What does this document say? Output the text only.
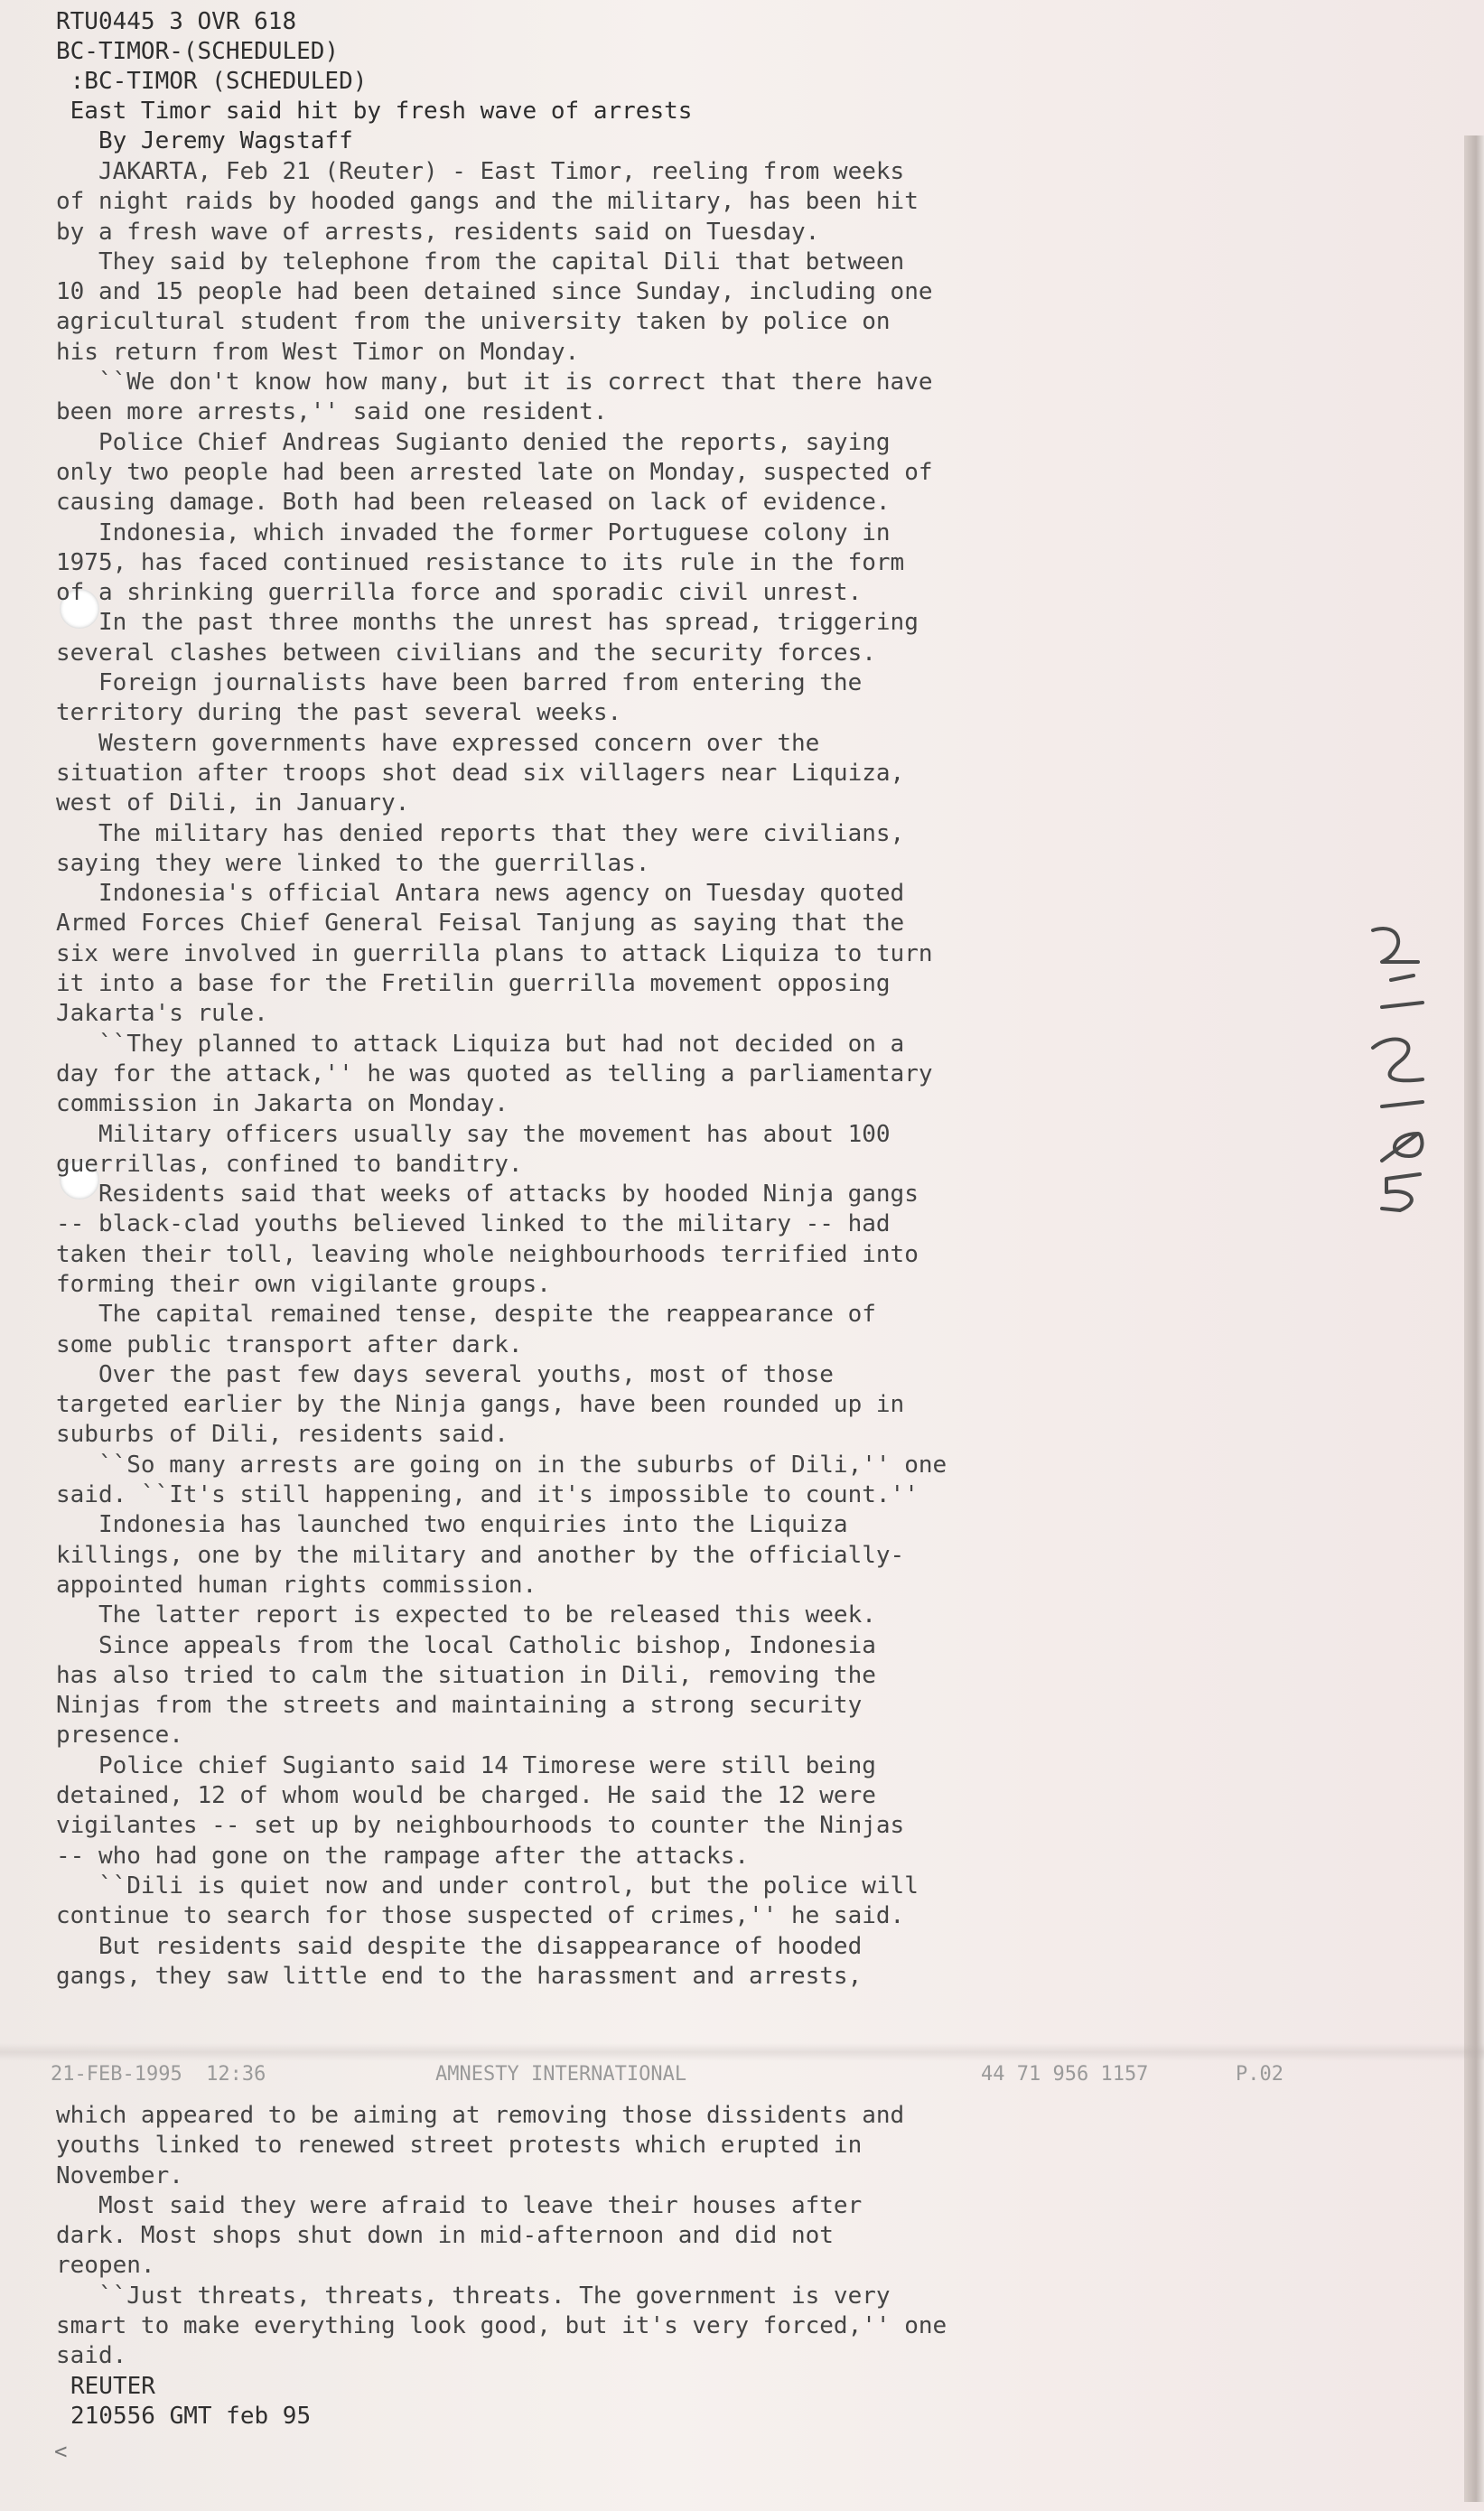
RTU0445 3 OVR 618
BC-TIMOR-(SCHEDULED)
:BC-TIMOR (SCHEDULED)
East Timor said hit by fresh wave of arrests
By Jeremy Wagstaff
JAKARTA, Feb 21 (Reuter) - East Timor, reeling from weeks
of night raids by hooded gangs and the military, has been hit
by a fresh wave of arrests, residents said on Tuesday.
They said by telephone from the capital Dili that between
10 and 15 people had been detained since Sunday, including one
agricultural student from the university taken by police on
his return from West Timor on Monday.
``We don't know how many, but it is correct that there have
been more arrests,'' said one resident.
Police Chief Andreas Sugianto denied the reports, saying
only two people had been arrested late on Monday, suspected of
causing damage. Both had been released on lack of evidence.
Indonesia, which invaded the former Portuguese colony in
1975, has faced continued resistance to its rule in the form
of a shrinking guerrilla force and sporadic civil unrest.
In the past three months the unrest has spread, triggering
several clashes between civilians and the security forces.
Foreign journalists have been barred from entering the
territory during the past several weeks.
Western governments have expressed concern over the
situation after troops shot dead six villagers near Liquiza,
west of Dili, in January.
The military has denied reports that they were civilians,
saying they were linked to the guerrillas.
Indonesia's official Antara news agency on Tuesday quoted
Armed Forces Chief General Feisal Tanjung as saying that the
six were involved in guerrilla plans to attack Liquiza to turn
it into a base for the Fretilin guerrilla movement opposing
Jakarta's rule.
``They planned to attack Liquiza but had not decided on a
day for the attack,'' he was quoted as telling a parliamentary
commission in Jakarta on Monday.
Military officers usually say the movement has about 100
guerrillas, confined to banditry.
Residents said that weeks of attacks by hooded Ninja gangs
-- black-clad youths believed linked to the military -- had
taken their toll, leaving whole neighbourhoods terrified into
forming their own vigilante groups.
The capital remained tense, despite the reappearance of
some public transport after dark.
Over the past few days several youths, most of those
targeted earlier by the Ninja gangs, have been rounded up in
suburbs of Dili, residents said.
``So many arrests are going on in the suburbs of Dili,'' one
said. ``It's still happening, and it's impossible to count.''
Indonesia has launched two enquiries into the Liquiza
killings, one by the military and another by the officially-
appointed human rights commission.
The latter report is expected to be released this week.
Since appeals from the local Catholic bishop, Indonesia
has also tried to calm the situation in Dili, removing the
Ninjas from the streets and maintaining a strong security
presence.
Police chief Sugianto said 14 Timorese were still being
detained, 12 of whom would be charged. He said the 12 were
vigilantes -- set up by neighbourhoods to counter the Ninjas
-- who had gone on the rampage after the attacks.
``Dili is quiet now and under control, but the police will
continue to search for those suspected of crimes,'' he said.
But residents said despite the disappearance of hooded
gangs, they saw little end to the harassment and arrests,

21-FEB-1995  12:36

	AMNESTY INTERNATIONAL

	44 71 956 1157

	P.02

which appeared to be aiming at removing those dissidents and
youths linked to renewed street protests which erupted in
November.
Most said they were afraid to leave their houses after
dark. Most shops shut down in mid-afternoon and did not
reopen.
``Just threats, threats, threats. The government is very
smart to make everything look good, but it's very forced,'' one
said.
REUTER
210556 GMT feb 95
<
21-2-95
